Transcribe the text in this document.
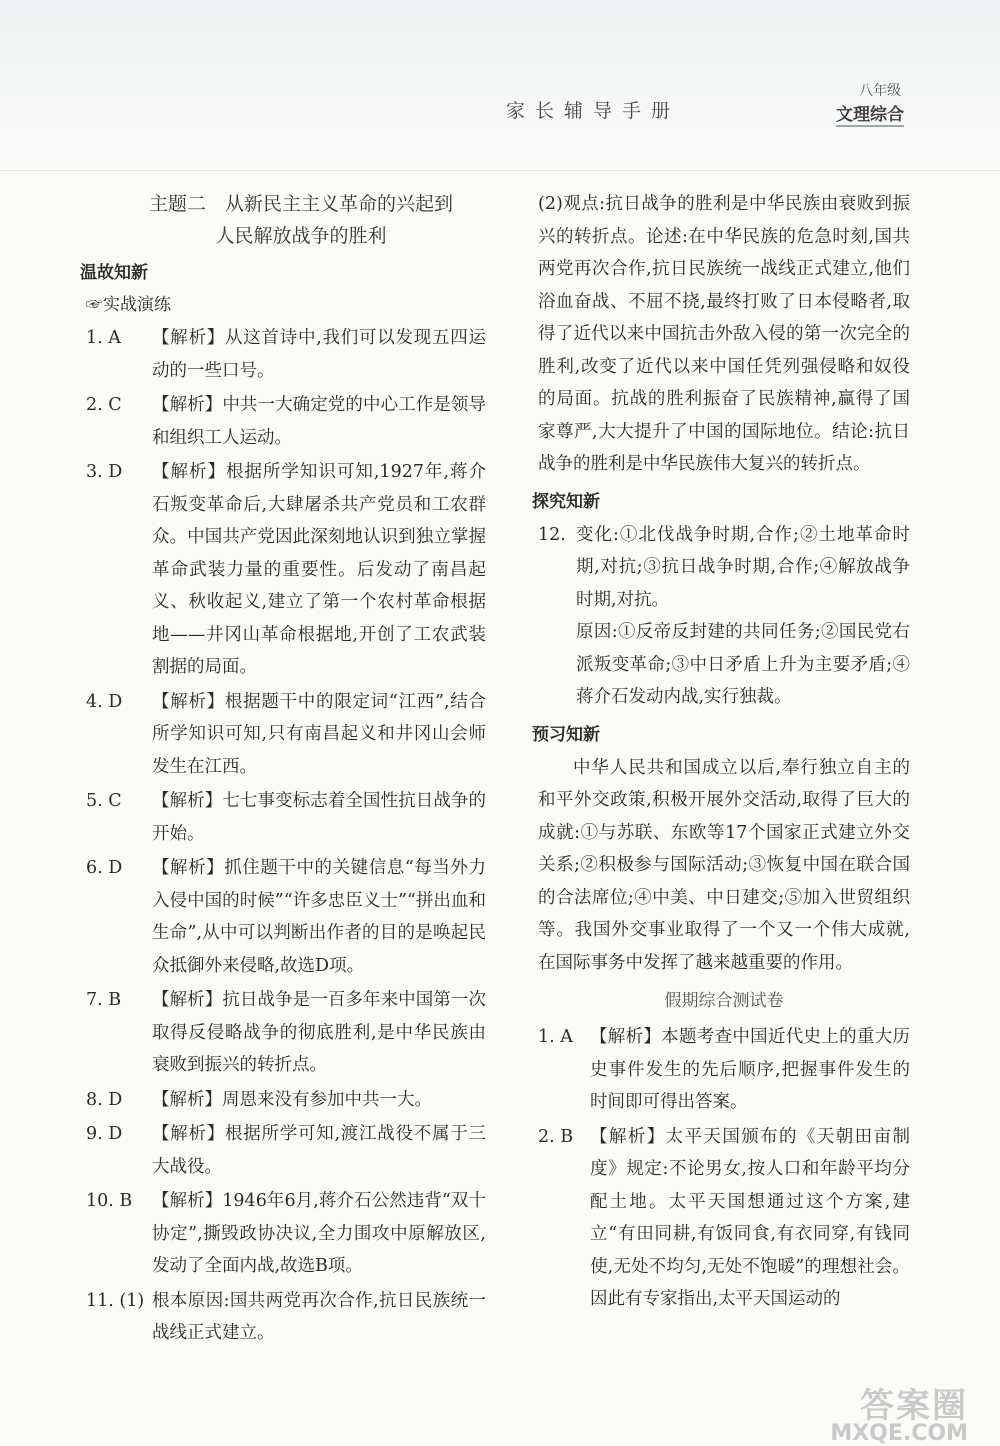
家长辅导手册
八年级
文理综合
主题二　从新民主主义革命的兴起到
人民解放战争的胜利
温故知新
☞实战演练
1. A	【解析】从这首诗中,我们可以发现五四运动的一些口号。
2. C	【解析】中共一大确定党的中心工作是领导和组织工人运动。
3. D	【解析】根据所学知识可知,1927年,蒋介石叛变革命后,大肆屠杀共产党员和工农群众。中国共产党因此深刻地认识到独立掌握革命武装力量的重要性。后发动了南昌起义、秋收起义,建立了第一个农村革命根据地——井冈山革命根据地,开创了工农武装割据的局面。
4. D	【解析】根据题干中的限定词“江西”,结合所学知识可知,只有南昌起义和井冈山会师发生在江西。
5. C	【解析】七七事变标志着全国性抗日战争的开始。
6. D	【解析】抓住题干中的关键信息“每当外力入侵中国的时候”“许多忠臣义士”“拼出血和生命”,从中可以判断出作者的目的是唤起民众抵御外来侵略,故选D项。
7. B	【解析】抗日战争是一百多年来中国第一次取得反侵略战争的彻底胜利,是中华民族由衰败到振兴的转折点。
8. D	【解析】周恩来没有参加中共一大。
9. D	【解析】根据所学可知,渡江战役不属于三大战役。
10. B	【解析】1946年6月,蒋介石公然违背“双十协定”,撕毁政协决议,全力围攻中原解放区,发动了全面内战,故选B项。
11. (1) 根本原因:国共两党再次合作,抗日民族统一战线正式建立。

(2)观点:抗日战争的胜利是中华民族由衰败到振兴的转折点。论述:在中华民族的危急时刻,国共两党再次合作,抗日民族统一战线正式建立,他们浴血奋战、不屈不挠,最终打败了日本侵略者,取得了近代以来中国抗击外敌入侵的第一次完全的胜利,改变了近代以来中国任凭列强侵略和奴役的局面。抗战的胜利振奋了民族精神,赢得了国家尊严,大大提升了中国的国际地位。结论:抗日战争的胜利是中华民族伟大复兴的转折点。

探究知新
12. 变化:①北伐战争时期,合作;②土地革命时期,对抗;③抗日战争时期,合作;④解放战争时期,对抗。
原因:①反帝反封建的共同任务;②国民党右派叛变革命;③中日矛盾上升为主要矛盾;④蒋介石发动内战,实行独裁。
预习知新

中华人民共和国成立以后,奉行独立自主的和平外交政策,积极开展外交活动,取得了巨大的成就:①与苏联、东欧等17个国家正式建立外交关系;②积极参与国际活动;③恢复中国在联合国的合法席位;④中美、中日建交;⑤加入世贸组织等。我国外交事业取得了一个又一个伟大成就,在国际事务中发挥了越来越重要的作用。

假期综合测试卷
1. A 【解析】本题考查中国近代史上的重大历史事件发生的先后顺序,把握事件发生的时间即可得出答案。
2. B 【解析】太平天国颁布的《天朝田亩制度》规定:不论男女,按人口和年龄平均分配土地。太平天国想通过这个方案,建立“有田同耕,有饭同食,有衣同穿,有钱同使,无处不均匀,无处不饱暖”的理想社会。因此有专家指出,太平天国运动的
答案圈
MXQE.COM
